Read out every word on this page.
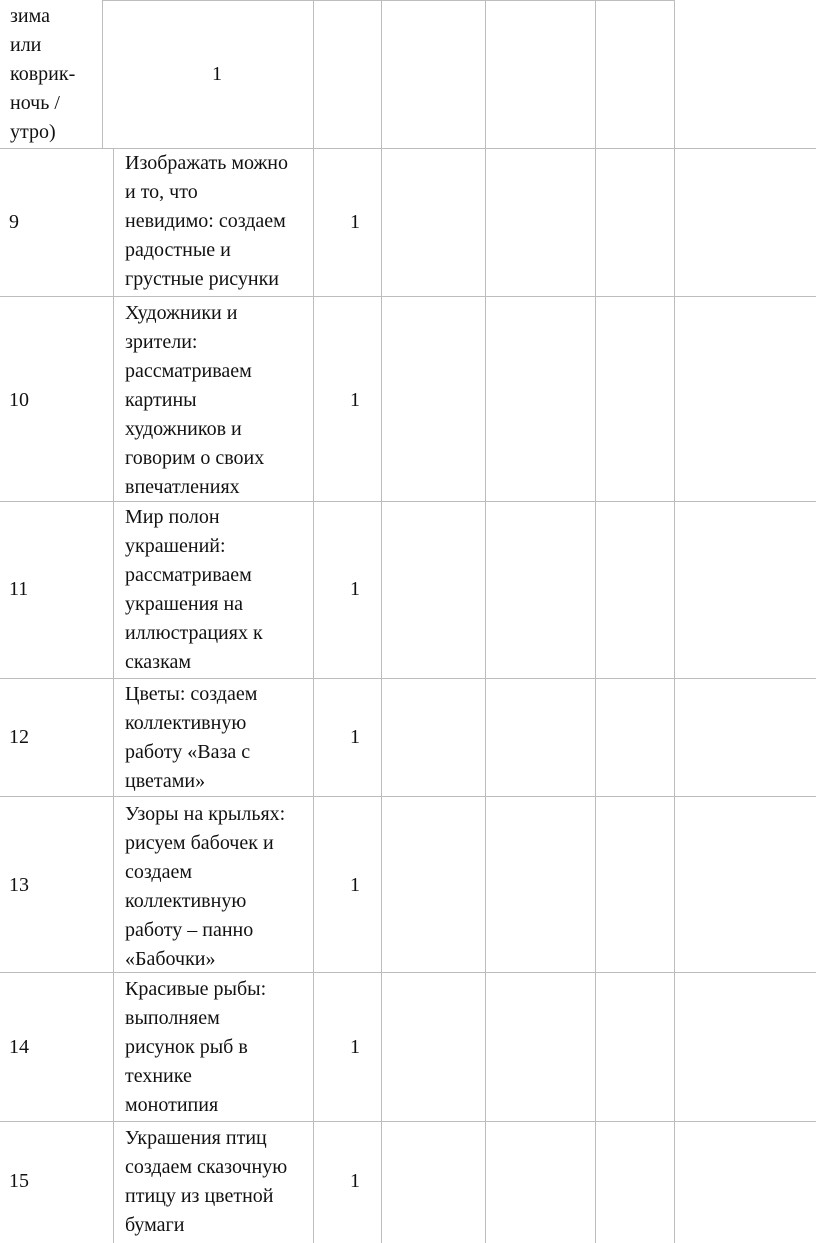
зима
или
коврик-
ночь /
утро)
1
9
Изображать можно
и то, что
невидимо: создаем
радостные и
грустные рисунки
1
10
Художники и
зрители:
рассматриваем
картины
художников и
говорим о своих
впечатлениях
1
11
Мир полон
украшений:
рассматриваем
украшения на
иллюстрациях к
сказкам
1
12
Цветы: создаем
коллективную
работу «Ваза с
цветами»
1
13
Узоры на крыльях:
рисуем бабочек и
создаем
коллективную
работу – панно
«Бабочки»
1
14
Красивые рыбы:
выполняем
рисунок рыб в
технике
монотипия
1
15
Украшения птиц
создаем сказочную
птицу из цветной
бумаги
1
